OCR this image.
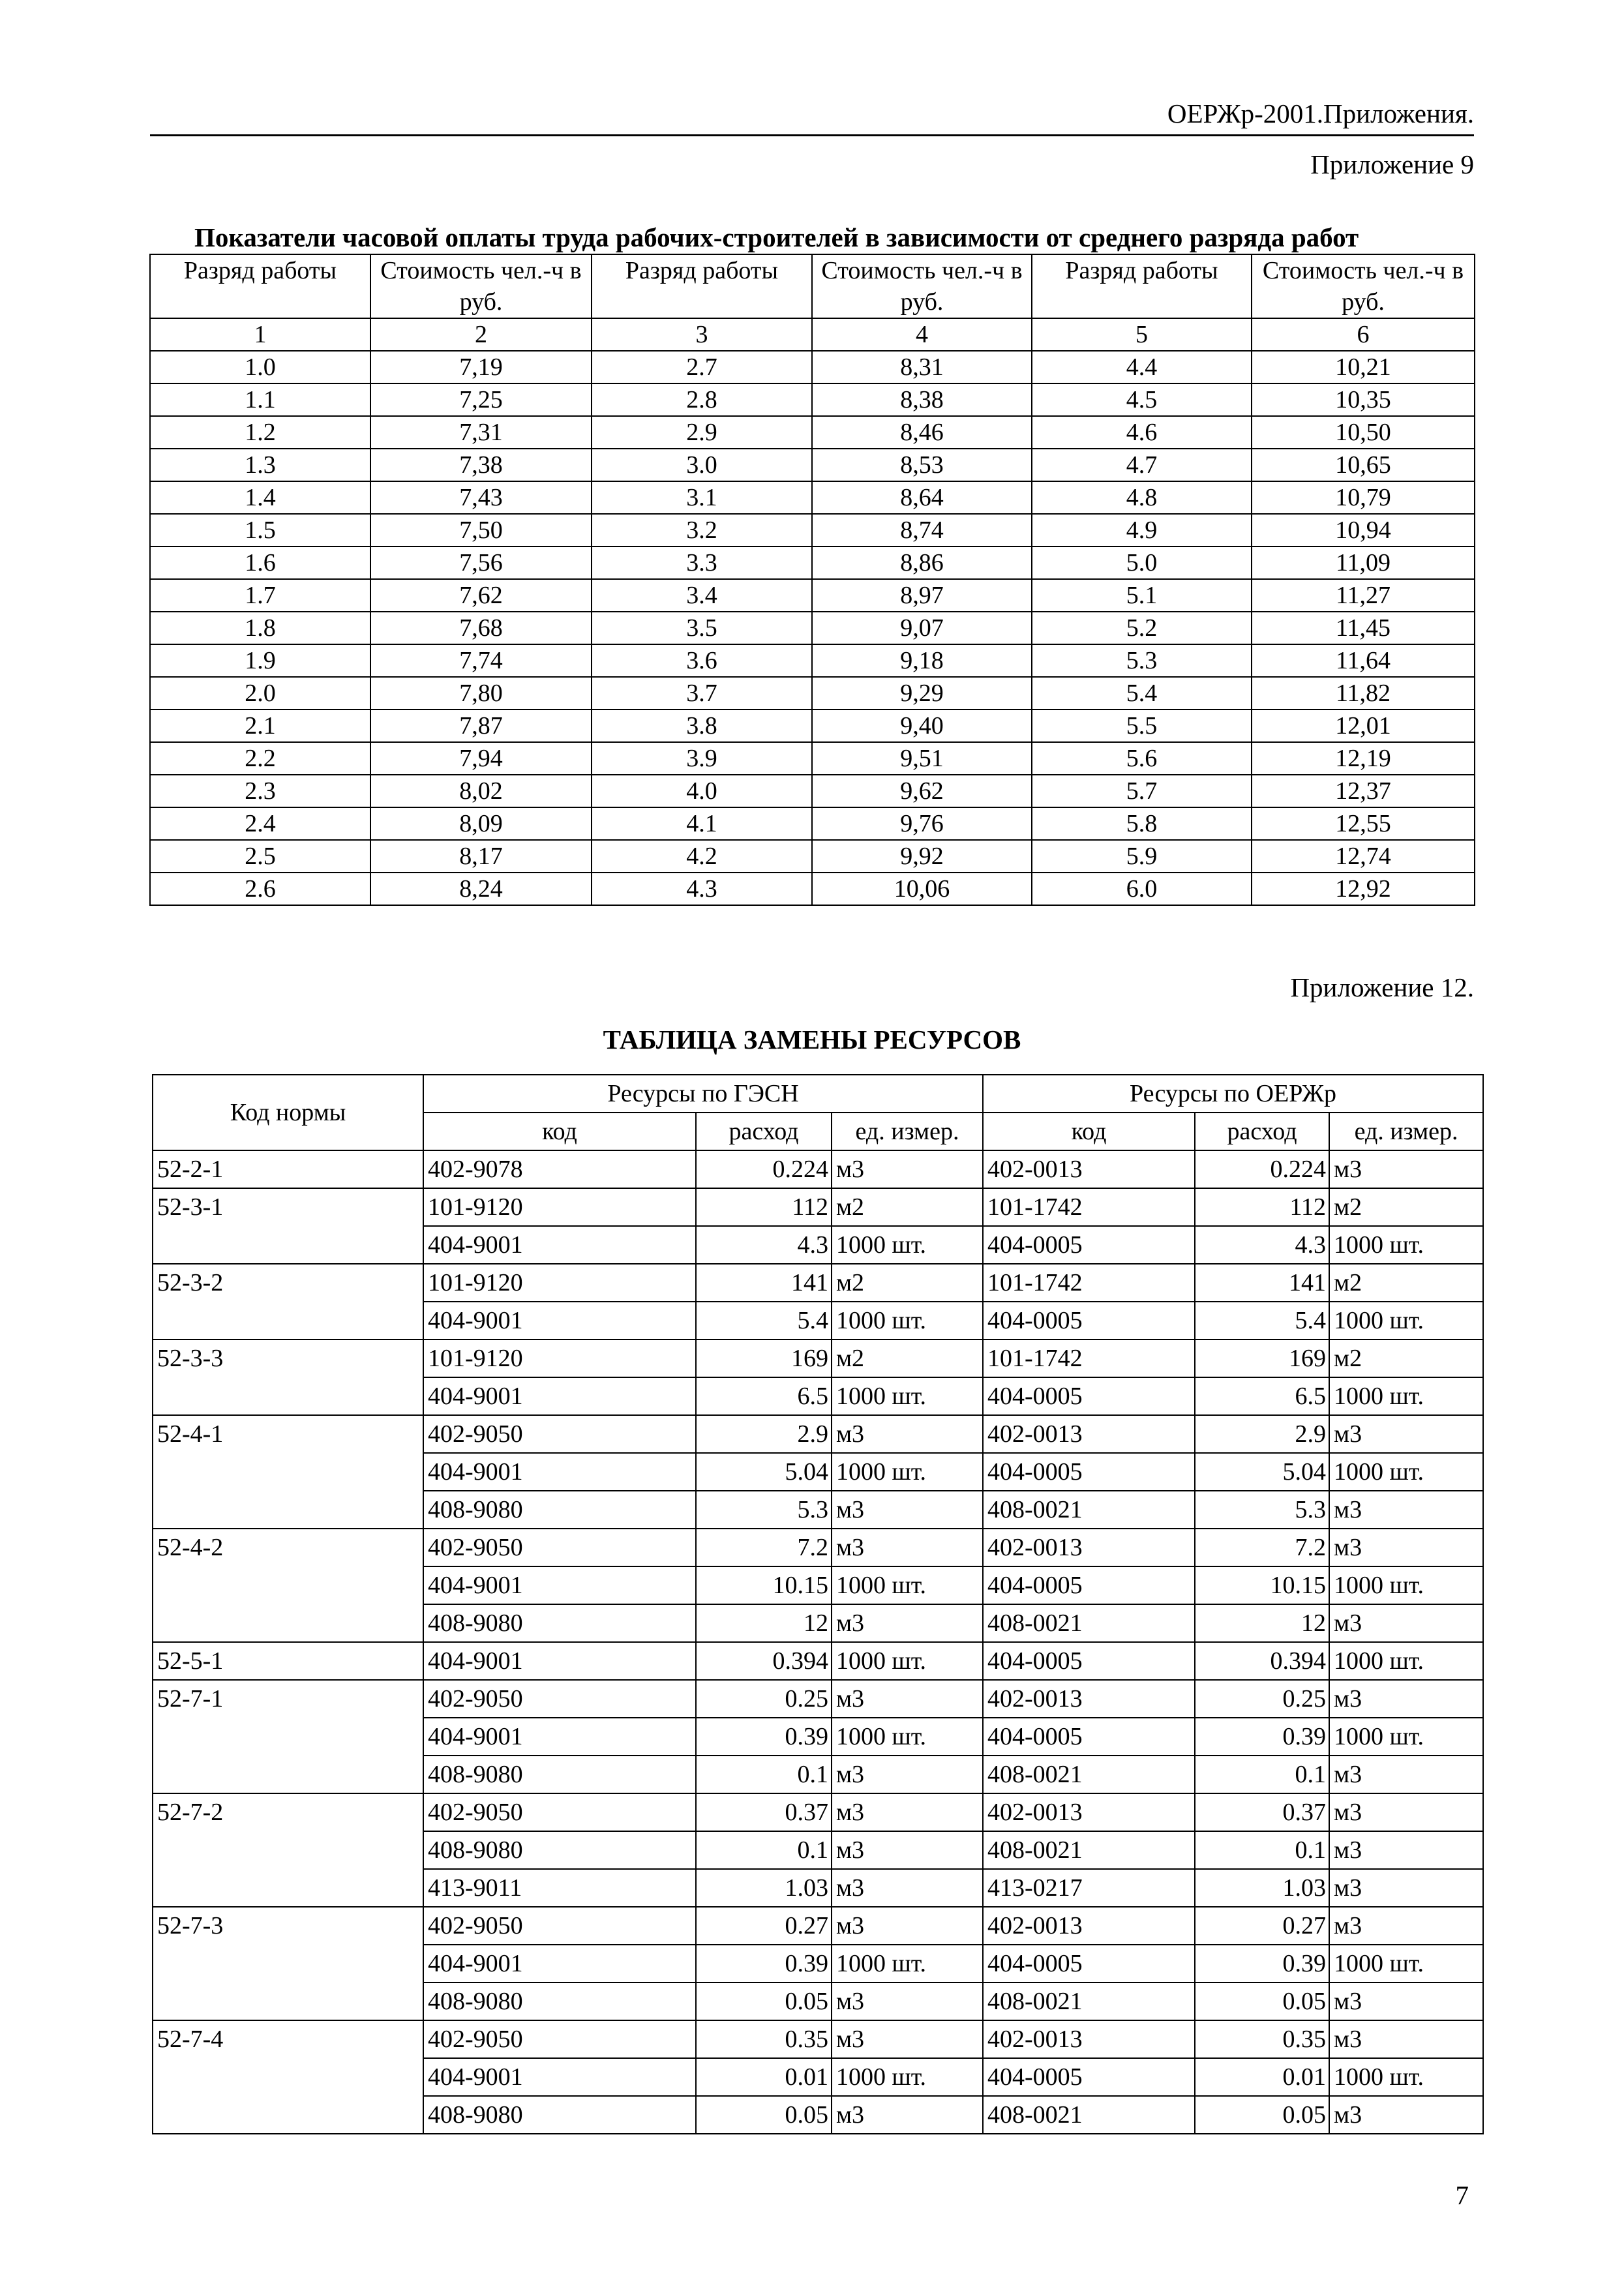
ОЕРЖр-2001.Приложения.
Приложение 9
Показатели часовой оплаты труда рабочих-строителей в зависимости от среднего разряда работ
Разряд работы	Стоимость чел.-ч в руб.	Разряд работы	Стоимость чел.-ч в руб.	Разряд работы	Стоимость чел.-ч в руб.
1	2	3	4	5	6
1.0	7,19	2.7	8,31	4.4	10,21
1.1	7,25	2.8	8,38	4.5	10,35
1.2	7,31	2.9	8,46	4.6	10,50
1.3	7,38	3.0	8,53	4.7	10,65
1.4	7,43	3.1	8,64	4.8	10,79
1.5	7,50	3.2	8,74	4.9	10,94
1.6	7,56	3.3	8,86	5.0	11,09
1.7	7,62	3.4	8,97	5.1	11,27
1.8	7,68	3.5	9,07	5.2	11,45
1.9	7,74	3.6	9,18	5.3	11,64
2.0	7,80	3.7	9,29	5.4	11,82
2.1	7,87	3.8	9,40	5.5	12,01
2.2	7,94	3.9	9,51	5.6	12,19
2.3	8,02	4.0	9,62	5.7	12,37
2.4	8,09	4.1	9,76	5.8	12,55
2.5	8,17	4.2	9,92	5.9	12,74
2.6	8,24	4.3	10,06	6.0	12,92
Приложение 12.
ТАБЛИЦА ЗАМЕНЫ РЕСУРСОВ
Код нормы	Ресурсы по ГЭСН			Ресурсы по ОЕРЖр		
	код	расход	ед. измер.	код	расход	ед. измер.
52-2-1	402-9078	0.224	м3	402-0013	0.224	м3
52-3-1	101-9120	112	м2	101-1742	112	м2
	404-9001	4.3	1000 шт.	404-0005	4.3	1000 шт.
52-3-2	101-9120	141	м2	101-1742	141	м2
	404-9001	5.4	1000 шт.	404-0005	5.4	1000 шт.
52-3-3	101-9120	169	м2	101-1742	169	м2
	404-9001	6.5	1000 шт.	404-0005	6.5	1000 шт.
52-4-1	402-9050	2.9	м3	402-0013	2.9	м3
	404-9001	5.04	1000 шт.	404-0005	5.04	1000 шт.
	408-9080	5.3	м3	408-0021	5.3	м3
52-4-2	402-9050	7.2	м3	402-0013	7.2	м3
	404-9001	10.15	1000 шт.	404-0005	10.15	1000 шт.
	408-9080	12	м3	408-0021	12	м3
52-5-1	404-9001	0.394	1000 шт.	404-0005	0.394	1000 шт.
52-7-1	402-9050	0.25	м3	402-0013	0.25	м3
	404-9001	0.39	1000 шт.	404-0005	0.39	1000 шт.
	408-9080	0.1	м3	408-0021	0.1	м3
52-7-2	402-9050	0.37	м3	402-0013	0.37	м3
	408-9080	0.1	м3	408-0021	0.1	м3
	413-9011	1.03	м3	413-0217	1.03	м3
52-7-3	402-9050	0.27	м3	402-0013	0.27	м3
	404-9001	0.39	1000 шт.	404-0005	0.39	1000 шт.
	408-9080	0.05	м3	408-0021	0.05	м3
52-7-4	402-9050	0.35	м3	402-0013	0.35	м3
	404-9001	0.01	1000 шт.	404-0005	0.01	1000 шт.
	408-9080	0.05	м3	408-0021	0.05	м3
7
